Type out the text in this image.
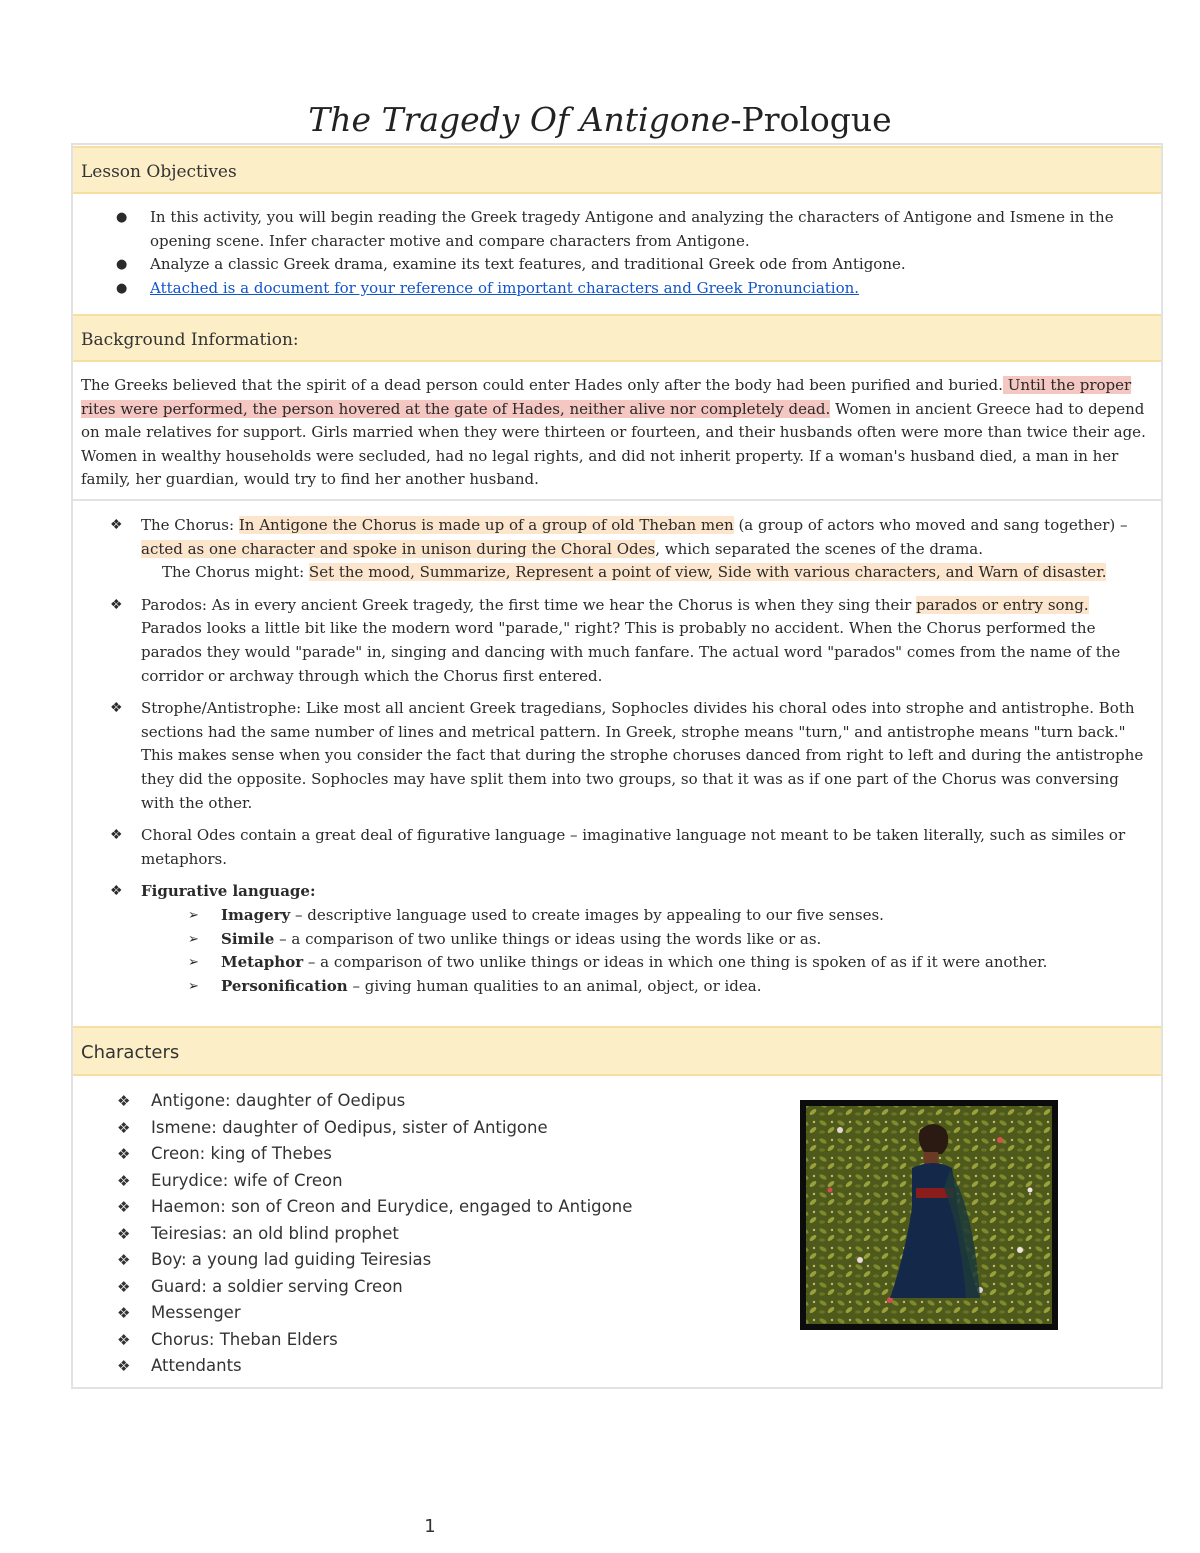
The Tragedy Of Antigone-Prologue
Lesson Objectives
● In this activity, you will begin reading the Greek tragedy Antigone and analyzing the characters of Antigone and Ismene in the opening scene. Infer character motive and compare characters from Antigone.
● Analyze a classic Greek drama, examine its text features, and traditional Greek ode from Antigone.
● Attached is a document for your reference of important characters and Greek Pronunciation.
Background Information:
The Greeks believed that the spirit of a dead person could enter Hades only after the body had been purified and buried. Until the proper rites were performed, the person hovered at the gate of Hades, neither alive nor completely dead. Women in ancient Greece had to depend on male relatives for support. Girls married when they were thirteen or fourteen, and their husbands often were more than twice their age. Women in wealthy households were secluded, had no legal rights, and did not inherit property. If a woman's husband died, a man in her family, her guardian, would try to find her another husband.
❖ The Chorus: In Antigone the Chorus is made up of a group of old Theban men (a group of actors who moved and sang together) – acted as one character and spoke in unison during the Choral Odes, which separated the scenes of the drama.
The Chorus might: Set the mood, Summarize, Represent a point of view, Side with various characters, and Warn of disaster.
❖ Parodos: As in every ancient Greek tragedy, the first time we hear the Chorus is when they sing their parados or entry song. Parados looks a little bit like the modern word "parade," right? This is probably no accident. When the Chorus performed the parados they would "parade" in, singing and dancing with much fanfare. The actual word "parados" comes from the name of the corridor or archway through which the Chorus first entered.
❖ Strophe/Antistrophe: Like most all ancient Greek tragedians, Sophocles divides his choral odes into strophe and antistrophe. Both sections had the same number of lines and metrical pattern. In Greek, strophe means "turn," and antistrophe means "turn back." This makes sense when you consider the fact that during the strophe choruses danced from right to left and during the antistrophe they did the opposite. Sophocles may have split them into two groups, so that it was as if one part of the Chorus was conversing with the other.
❖ Choral Odes contain a great deal of figurative language – imaginative language not meant to be taken literally, such as similes or metaphors.
❖ Figurative language:
➢ Imagery – descriptive language used to create images by appealing to our five senses.
➢ Simile – a comparison of two unlike things or ideas using the words like or as.
➢ Metaphor – a comparison of two unlike things or ideas in which one thing is spoken of as if it were another.
➢ Personification – giving human qualities to an animal, object, or idea.
Characters
❖ Antigone: daughter of Oedipus
❖ Ismene: daughter of Oedipus, sister of Antigone
❖ Creon: king of Thebes
❖ Eurydice: wife of Creon
❖ Haemon: son of Creon and Eurydice, engaged to Antigone
❖ Teiresias: an old blind prophet
❖ Boy: a young lad guiding Teiresias
❖ Guard: a soldier serving Creon
❖ Messenger
❖ Chorus: Theban Elders
❖ Attendants
1
